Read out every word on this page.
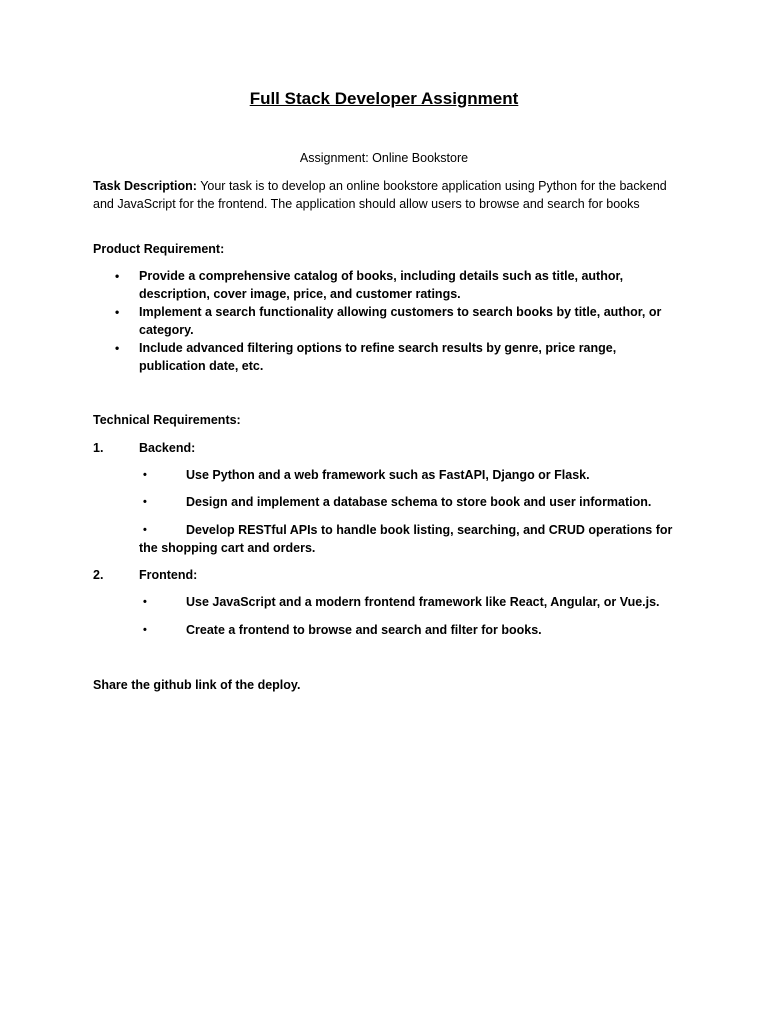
Full Stack Developer Assignment
Assignment: Online Bookstore
Task Description: Your task is to develop an online bookstore application using Python for the backend and JavaScript for the frontend. The application should allow users to browse and search for books
Product Requirement:
• Provide a comprehensive catalog of books, including details such as title, author, description, cover image, price, and customer ratings.
• Implement a search functionality allowing customers to search books by title, author, or category.
• Include advanced filtering options to refine search results by genre, price range, publication date, etc.
Technical Requirements:
1.	Backend:
•	Use Python and a web framework such as FastAPI, Django or Flask.
•	Design and implement a database schema to store book and user information.
•	Develop RESTful APIs to handle book listing, searching, and CRUD operations for the shopping cart and orders.
2.	Frontend:
•	Use JavaScript and a modern frontend framework like React, Angular, or Vue.js.
•	Create a frontend to browse and search and filter for books.
Share the github link of the deploy.
